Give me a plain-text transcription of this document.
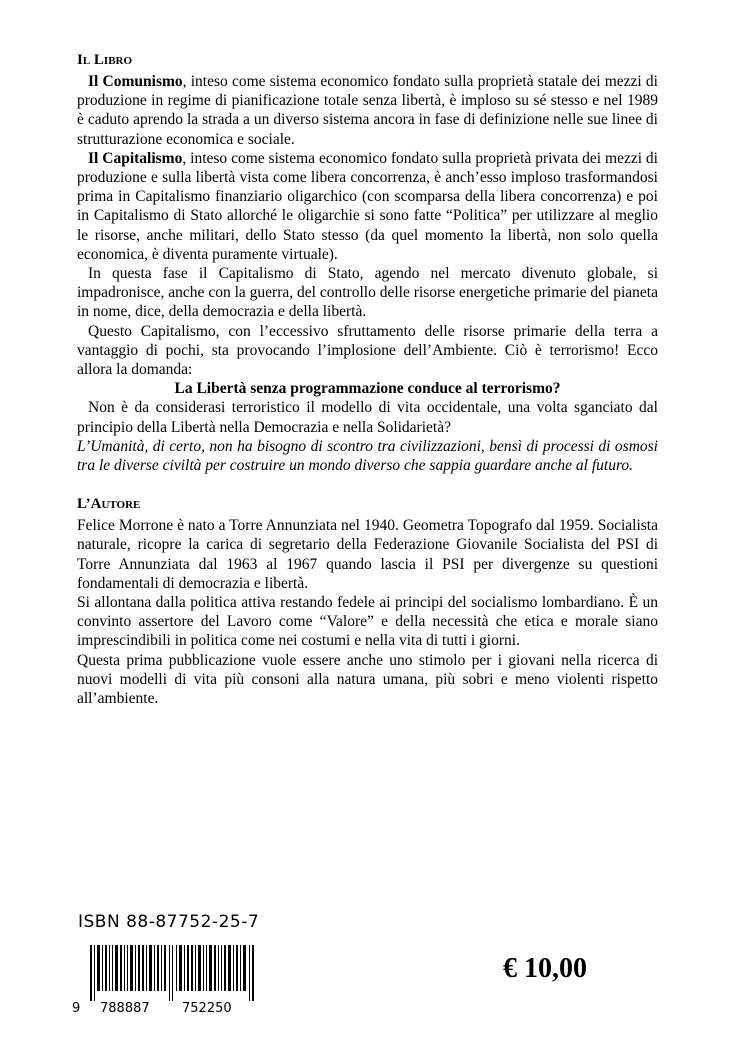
Il Libro

Il Comunismo, inteso come sistema economico fondato sulla proprietà statale dei mezzi di produzione in regime di pianificazione totale senza libertà, è imploso su sé stesso e nel 1989 è caduto aprendo la strada a un diverso sistema ancora in fase di definizione nelle sue linee di strutturazione economica e sociale.

Il Capitalismo, inteso come sistema economico fondato sulla proprietà privata dei mezzi di produzione e sulla libertà vista come libera concorrenza, è anch’esso imploso trasformandosi prima in Capitalismo finanziario oligarchico (con scomparsa della libera concorrenza) e poi in Capitalismo di Stato allorché le oligarchie si sono fatte “Politica” per utilizzare al meglio le risorse, anche militari, dello Stato stesso (da quel momento la libertà, non solo quella economica, è diventa puramente virtuale).

In questa fase il Capitalismo di Stato, agendo nel mercato divenuto globale, si impadronisce, anche con la guerra, del controllo delle risorse energetiche primarie del pianeta in nome, dice, della democrazia e della libertà.

Questo Capitalismo, con l’eccessivo sfruttamento delle risorse primarie della terra a vantaggio di pochi, sta provocando l’implosione dell’Ambiente. Ciò è terrorismo! Ecco allora la domanda:

La Libertà senza programmazione conduce al terrorismo?

Non è da considerasi terroristico il modello di vita occidentale, una volta sganciato dal principio della Libertà nella Democrazia e nella Solidarietà?

L’Umanità, di certo, non ha bisogno di scontro tra civilizzazioni, bensì di processi di osmosi tra le diverse civiltà per costruire un mondo diverso che sappia guardare anche al futuro.

L’Autore

Felice Morrone è nato a Torre Annunziata nel 1940. Geometra Topografo dal 1959. Socialista naturale, ricopre la carica di segretario della Federazione Giovanile Socialista del PSI di Torre Annunziata dal 1963 al 1967 quando lascia il PSI per divergenze su questioni fondamentali di democrazia e libertà.

Si allontana dalla politica attiva restando fedele ai principi del socialismo lombardiano. È un convinto assertore del Lavoro come “Valore” e della necessità che etica e morale siano imprescindibili in politica come nei costumi e nella vita di tutti i giorni.

Questa prima pubblicazione vuole essere anche uno stimolo per i giovani nella ricerca di nuovi modelli di vita più consoni alla natura umana, più sobri e meno violenti rispetto all’ambiente.

ISBN 88-87752-25-7
9 788887 752250
€ 10,00
